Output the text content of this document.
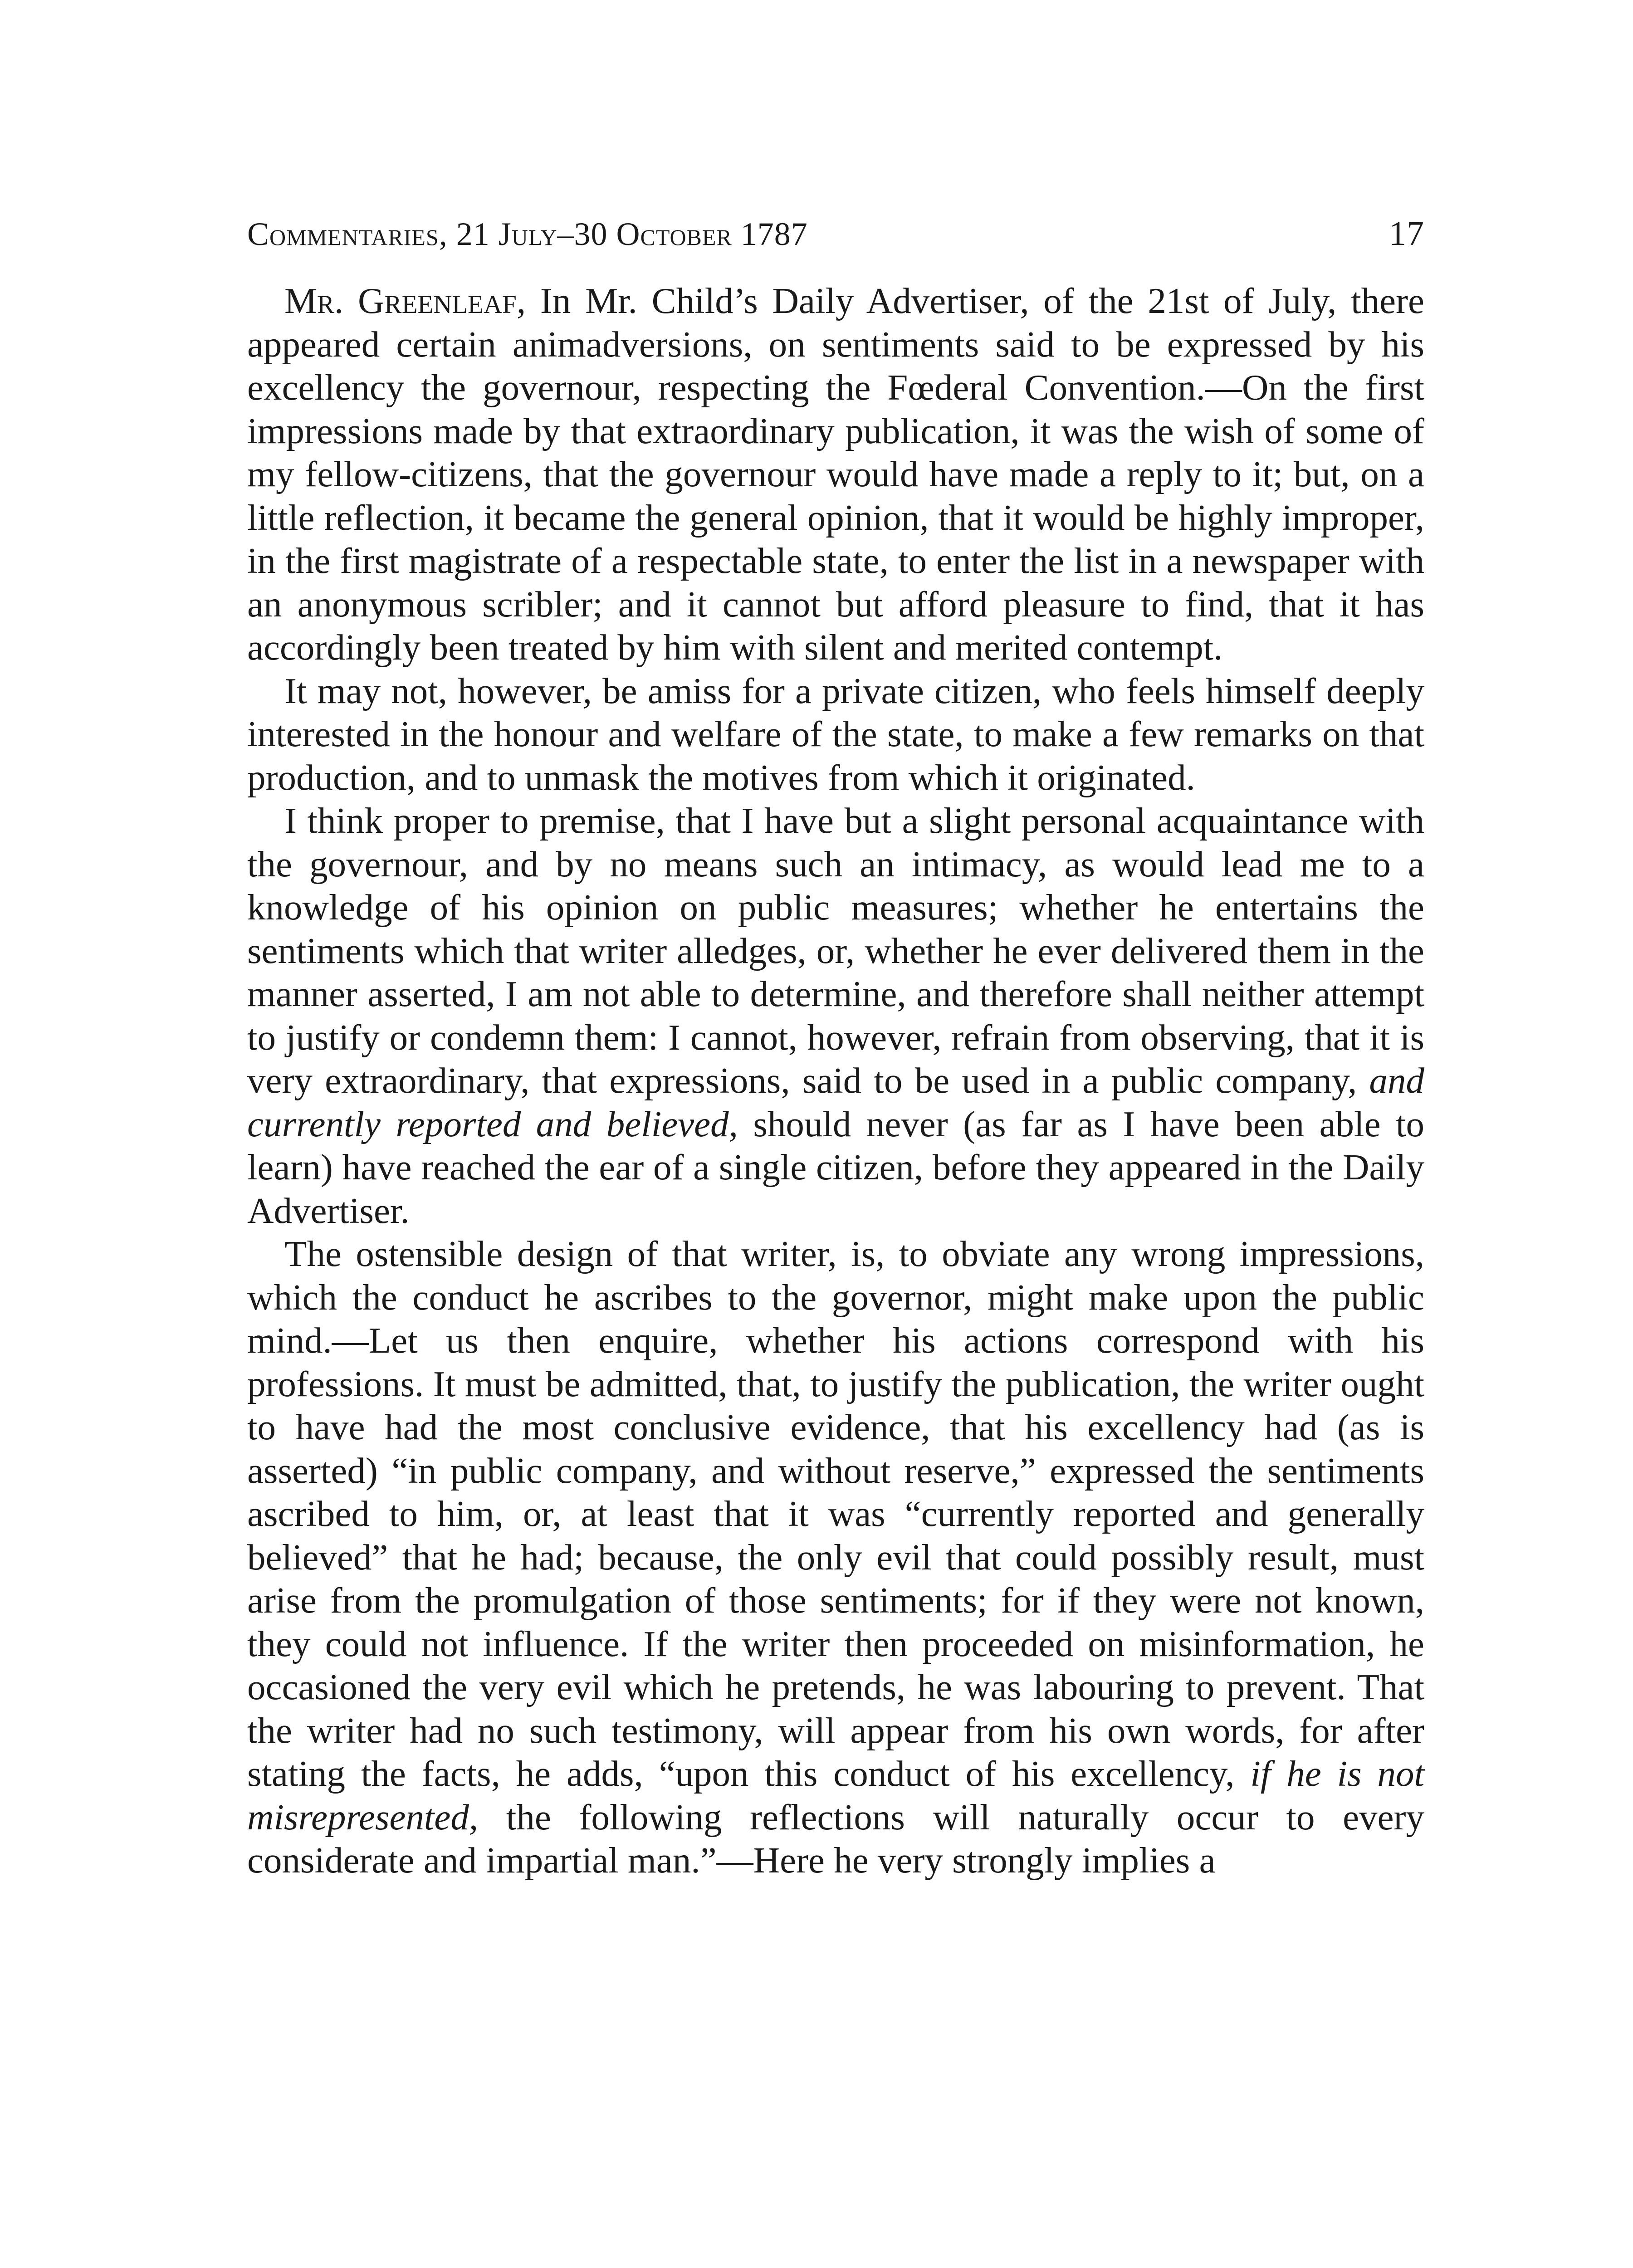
Commentaries, 21 July–30 October 1787	17

Mr. Greenleaf, In Mr. Child’s Daily Advertiser, of the 21st of July, there appeared certain animadversions, on sentiments said to be expressed by his excellency the governour, respecting the Fœderal Convention.—On the first impressions made by that extraordinary publication, it was the wish of some of my fellow-citizens, that the governour would have made a reply to it; but, on a little reflection, it became the general opinion, that it would be highly improper, in the first magistrate of a respectable state, to enter the list in a newspaper with an anonymous scribler; and it cannot but afford pleasure to find, that it has accordingly been treated by him with silent and merited contempt.

It may not, however, be amiss for a private citizen, who feels himself deeply interested in the honour and welfare of the state, to make a few remarks on that production, and to unmask the motives from which it originated.

I think proper to premise, that I have but a slight personal acquaintance with the governour, and by no means such an intimacy, as would lead me to a knowledge of his opinion on public measures; whether he entertains the sentiments which that writer alledges, or, whether he ever delivered them in the manner asserted, I am not able to determine, and therefore shall neither attempt to justify or condemn them: I cannot, however, refrain from observing, that it is very extraordinary, that expressions, said to be used in a public company, and currently reported and believed, should never (as far as I have been able to learn) have reached the ear of a single citizen, before they appeared in the Daily Advertiser.

The ostensible design of that writer, is, to obviate any wrong impressions, which the conduct he ascribes to the governor, might make upon the public mind.—Let us then enquire, whether his actions correspond with his professions. It must be admitted, that, to justify the publication, the writer ought to have had the most conclusive evidence, that his excellency had (as is asserted) “in public company, and without reserve,” expressed the sentiments ascribed to him, or, at least that it was “currently reported and generally believed” that he had; because, the only evil that could possibly result, must arise from the promulgation of those sentiments; for if they were not known, they could not influence. If the writer then proceeded on misinformation, he occasioned the very evil which he pretends, he was labouring to prevent. That the writer had no such testimony, will appear from his own words, for after stating the facts, he adds, “upon this conduct of his excellency, if he is not misrepresented, the following reflections will naturally occur to every considerate and impartial man.”—Here he very strongly implies a
